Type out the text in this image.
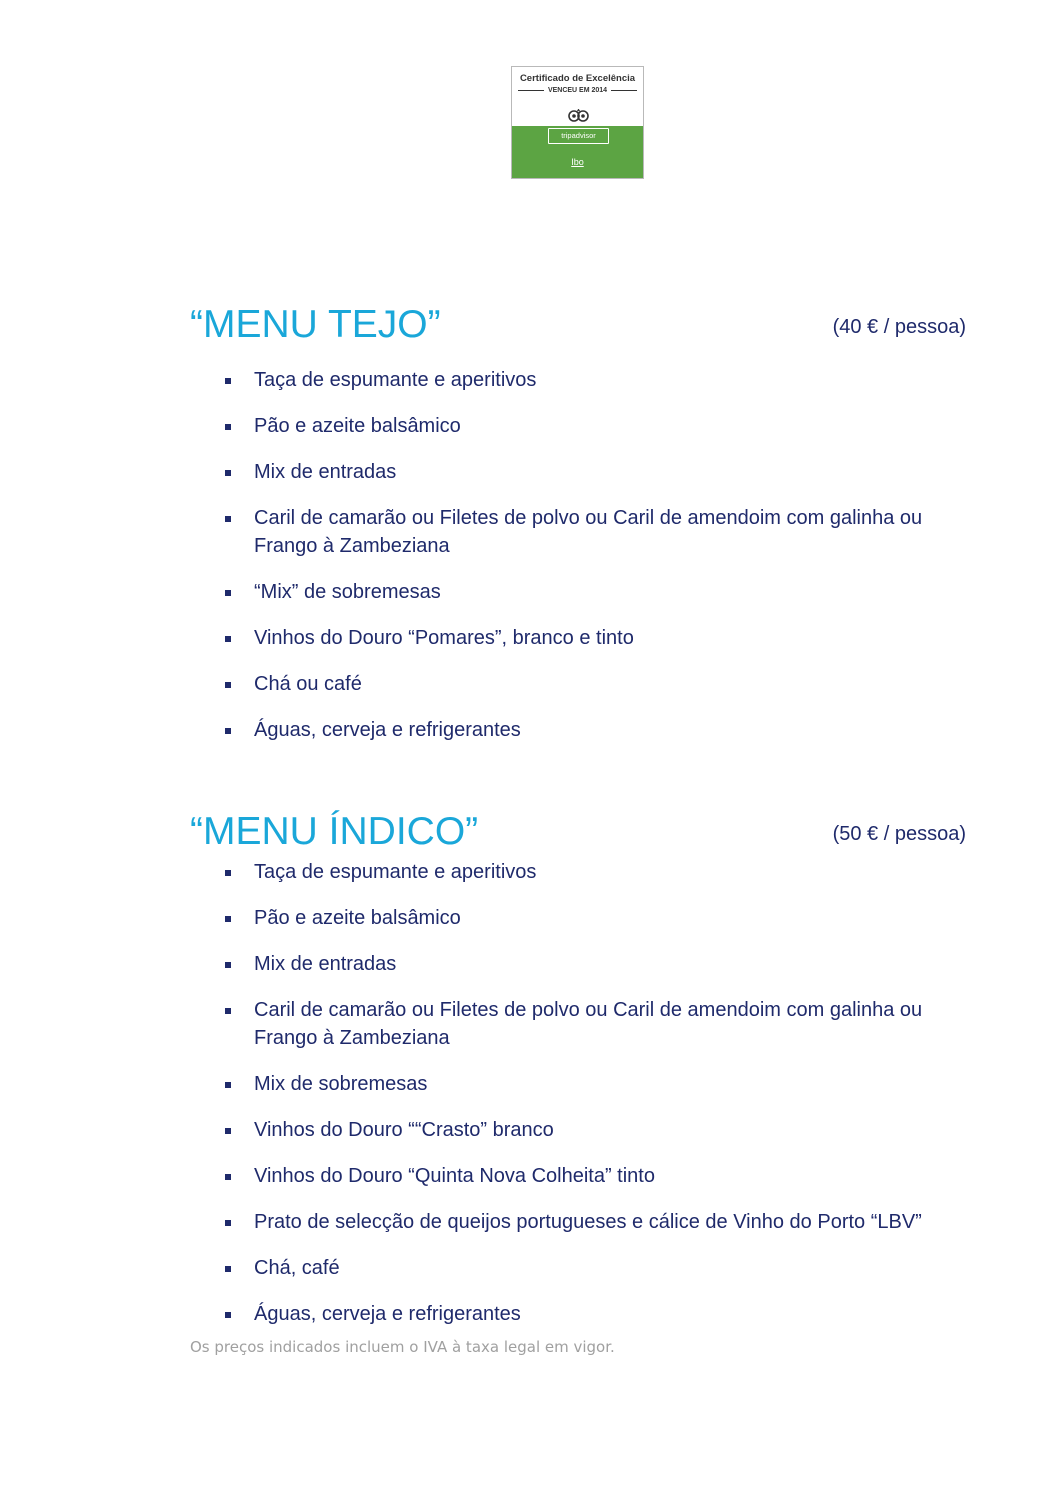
Certificado de Excelência
VENCEU EM 2014
tripadvisor
Ibo
“MENU TEJO”	(40 € / pessoa)
Taça de espumante e aperitivos
Pão e azeite balsâmico
Mix de entradas
Caril de camarão ou Filetes de polvo ou Caril de amendoim com galinha ou Frango à Zambeziana
“Mix” de sobremesas
Vinhos do Douro “Pomares”, branco e tinto
Chá ou café
Águas, cerveja e refrigerantes
“MENU ÍNDICO”	(50 € / pessoa)
Taça de espumante e aperitivos
Pão e azeite balsâmico
Mix de entradas
Caril de camarão ou Filetes de polvo ou Caril de amendoim com galinha ou Frango à Zambeziana
Mix de sobremesas
Vinhos do Douro ““Crasto” branco
Vinhos do Douro “Quinta Nova Colheita” tinto
Prato de selecção de queijos portugueses e cálice de Vinho do Porto “LBV”
Chá, café
Águas, cerveja e refrigerantes
Os preços indicados incluem o IVA à taxa legal em vigor.
